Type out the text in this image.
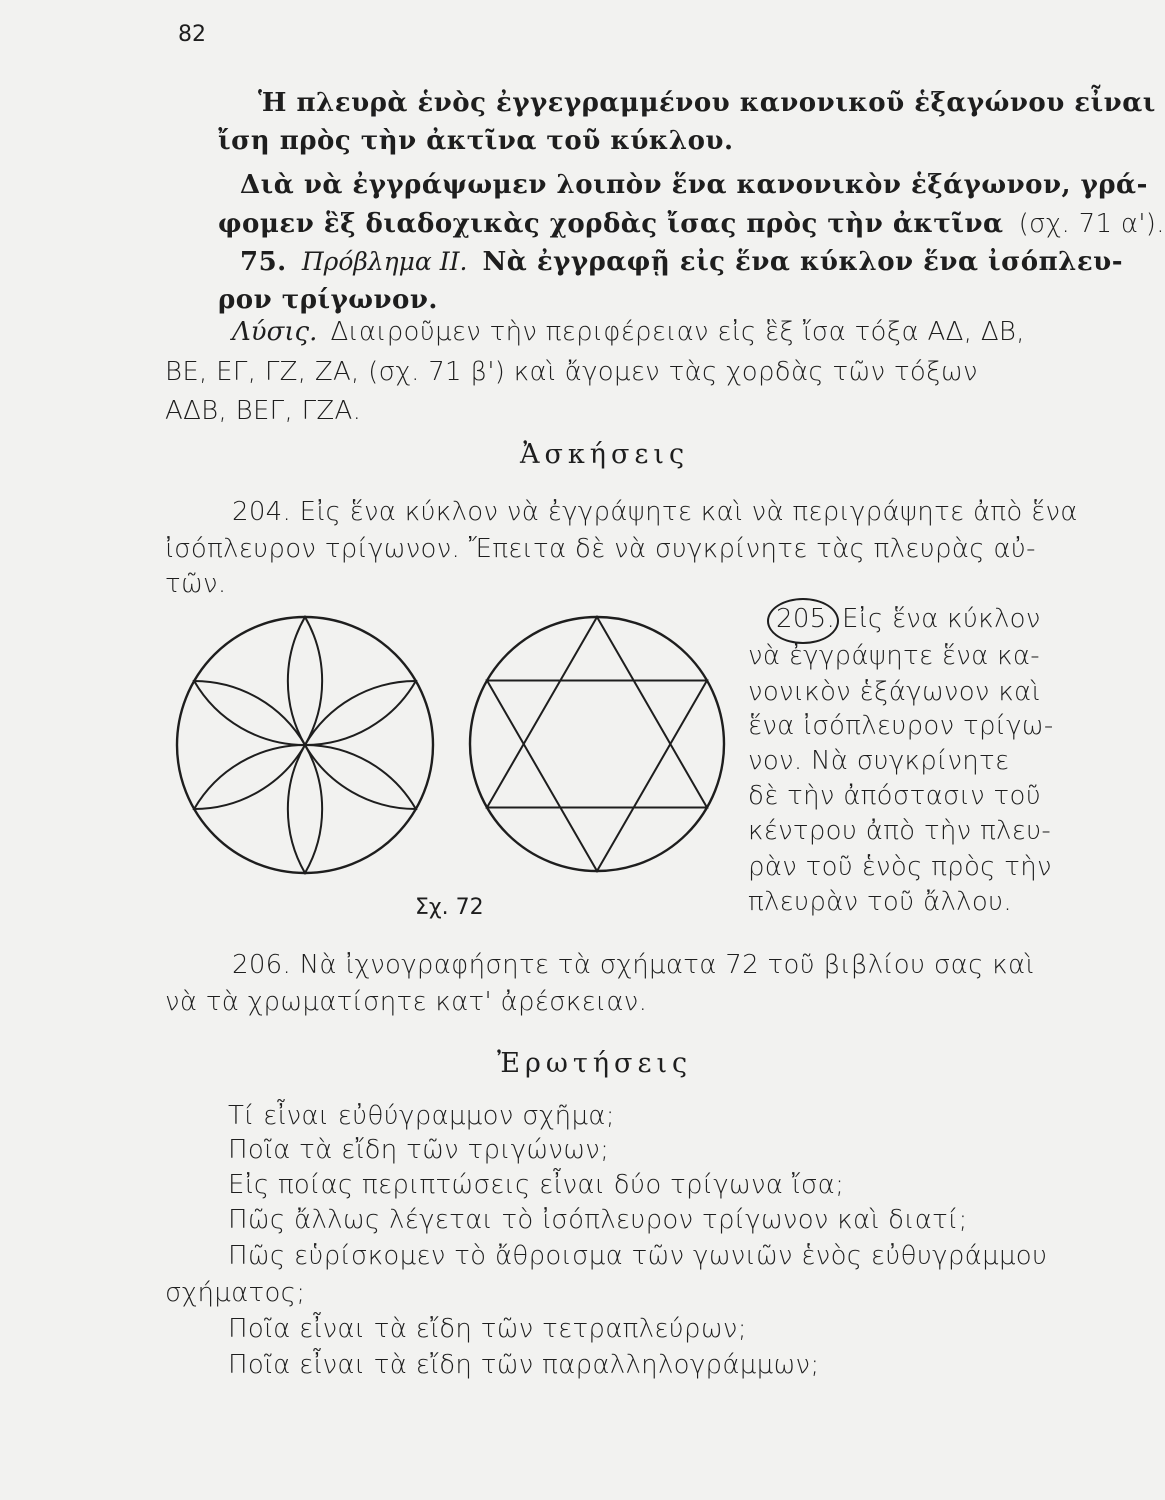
82
Ἡ πλευρὰ ἑνὸς ἐγγεγραμμένου κανονικοῦ ἑξαγώνου εἶναι
ἴση πρὸς τὴν ἀκτῖνα τοῦ κύκλου.
Διὰ νὰ ἐγγράψωμεν λοιπὸν ἕνα κανονικὸν ἑξάγωνον, γρά-
φομεν ἓξ διαδοχικὰς χορδὰς ἴσας πρὸς τὴν ἀκτῖνα (σχ. 71 α').
75. Πρόβλημα ΙΙ. Νὰ ἐγγραφῇ εἰς ἕνα κύκλον ἕνα ἰσόπλευ-
ρον τρίγωνον.
Λύσις. Διαιροῦμεν τὴν περιφέρειαν εἰς ἓξ ἴσα τόξα ΑΔ, ΔΒ,
ΒΕ, ΕΓ, ΓΖ, ΖΑ, (σχ. 71 β') καὶ ἄγομεν τὰς χορδὰς τῶν τόξων
ΑΔΒ, ΒΕΓ, ΓΖΑ.
Ἀσκήσεις
204. Εἰς ἕνα κύκλον νὰ ἐγγράψητε καὶ νὰ περιγράψητε ἀπὸ ἕνα
ἰσόπλευρον τρίγωνον. Ἔπειτα δὲ νὰ συγκρίνητε τὰς πλευρὰς αὐ-
τῶν.
Σχ. 72
205. Εἰς ἕνα κύκλον
νὰ ἐγγράψητε ἕνα κα-
νονικὸν ἑξάγωνον καὶ
ἕνα ἰσόπλευρον τρίγω-
νον. Νὰ συγκρίνητε
δὲ τὴν ἀπόστασιν τοῦ
κέντρου ἀπὸ τὴν πλευ-
ρὰν τοῦ ἑνὸς πρὸς τὴν
πλευρὰν τοῦ ἄλλου.
206. Νὰ ἰχνογραφήσητε τὰ σχήματα 72 τοῦ βιβλίου σας καὶ
νὰ τὰ χρωματίσητε κατ' ἀρέσκειαν.
Ἐρωτήσεις
Τί εἶναι εὐθύγραμμον σχῆμα;
Ποῖα τὰ εἴδη τῶν τριγώνων;
Εἰς ποίας περιπτώσεις εἶναι δύο τρίγωνα ἴσα;
Πῶς ἄλλως λέγεται τὸ ἰσόπλευρον τρίγωνον καὶ διατί;
Πῶς εὑρίσκομεν τὸ ἄθροισμα τῶν γωνιῶν ἑνὸς εὐθυγράμμου
σχήματος;
Ποῖα εἶναι τὰ εἴδη τῶν τετραπλεύρων;
Ποῖα εἶναι τὰ εἴδη τῶν παραλληλογράμμων;
